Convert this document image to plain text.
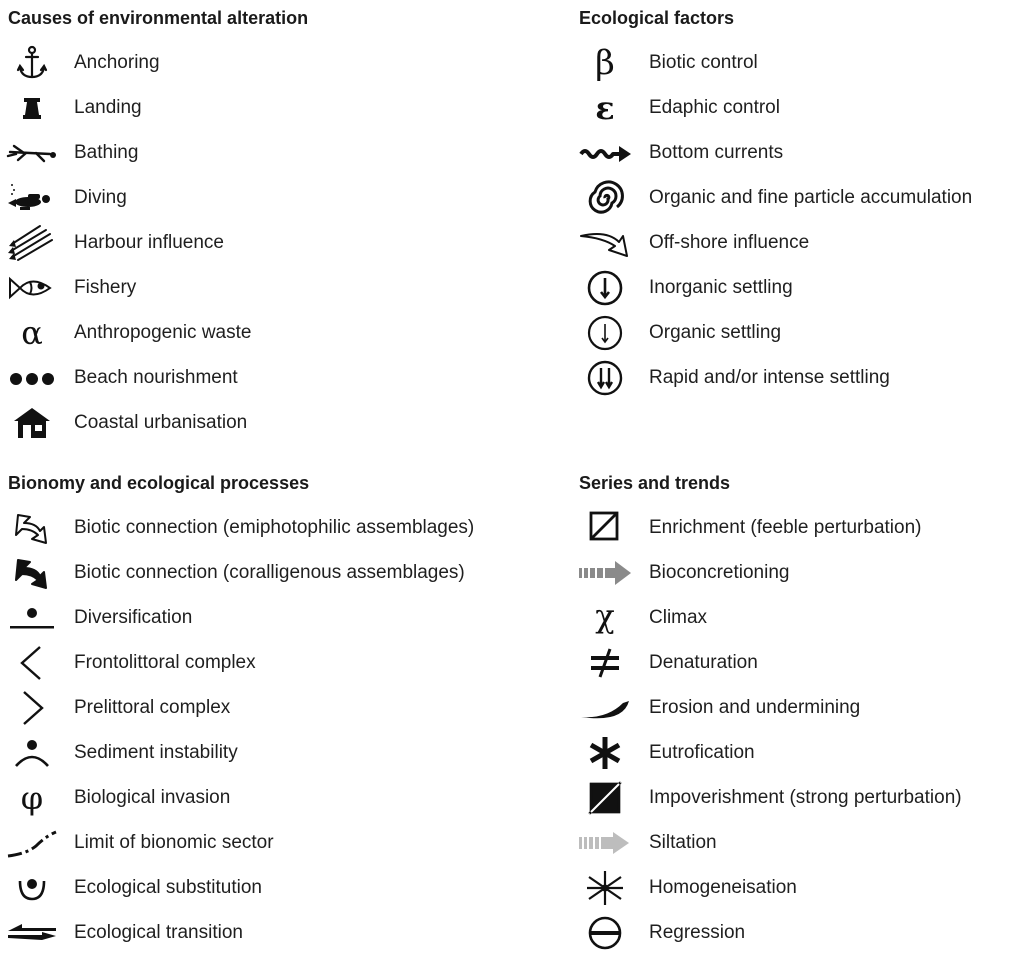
Causes of environmental alteration
Anchoring
Landing
Bathing
Diving
Harbour influence
Fishery
α Anthropogenic waste
Beach nourishment
Coastal urbanisation
Ecological factors
β Biotic control
ε Edaphic control
Bottom currents
Organic and fine particle accumulation
Off-shore influence
Inorganic settling
Organic settling
Rapid and/or intense settling
Bionomy and ecological processes
Biotic connection (emiphotophilic assemblages)
Biotic connection (coralligenous assemblages)
Diversification
Frontolittoral complex
Prelittoral complex
Sediment instability
φ Biological invasion
Limit of bionomic sector
Ecological substitution
Ecological transition
Series and trends
Enrichment (feeble perturbation)
Bioconcretioning
χ Climax
Denaturation
Erosion and undermining
Eutrofication
Impoverishment (strong perturbation)
Siltation
Homogeneisation
Regression
